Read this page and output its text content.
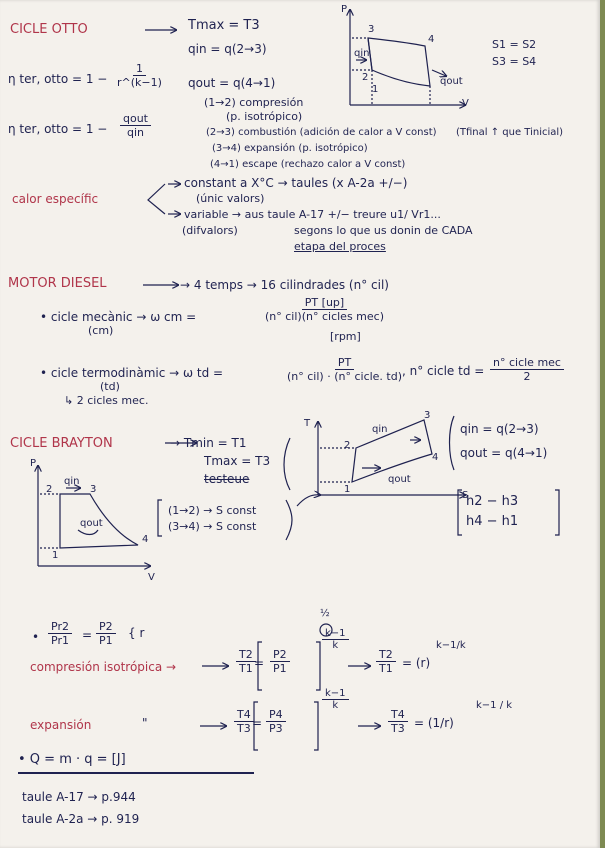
CICLE OTTO	Tmax = T3
qin = q(2→3)
qout = q(4→1)
η ter, otto = $1 - \frac{1}{r\^{}(k-1)}$
η ter, otto = 1 −
qout
qin
(1→2) compresión
(p. isotrópico)
(2→3) combustión (adición de calor a V const)
(3→4) expansión (p. isotrópico)
(4→1) escape (rechazo calor a V const)
(Tfinal ↑ que Tinicial)
S1 = S2
S3 = S4
P
V
1
2
3
4
qin
qout
calor específic
constant a X°C → taules (x A-2a +/−)
(únic valors)
variable → aus taule A-17 +/− treure u1/ Vr1...
(difvalors)	segons lo que us donin de CADA
etapa del proces
MOTOR DIESEL	→ 4 temps → 16 cilindrades (n° cil)
• cicle mecànic → ω cm =
(cm)
PT [up]
(n° cil)(n° cicles mec)
[rpm]
• cicle termodinàmic → ω td =
(td)
PT
(n° cil) · (n° cicle. td) , n° cicle td =
n° cicle mec
2
↳ 2 cicles mec.
CICLE BRAYTON	→ Tmin = T1
Tmax = T3
testeue
(1→2) → S const
(3→4) → S const
qin = q(2→3)
qout = q(4→1)
h2 − h3
h4 − h1
T
S
1
2
3
4
qin
qout
P
V
1
2	3
4
qin
qout
• $\frac{Pr2}{Pr1} = \frac{P2}{P1}$ { r
½
compresión isotrópica →	$\frac{T2}{T1}$
= $\frac{P2}{P1}$
$\frac{k-1}{k}$
$\frac{T2}{T1} = (r)$
k−1/k
expansión	"	$\frac{T4}{T3}$
= $\frac{P4}{P3}$
$\frac{k-1}{k}$
$\frac{T4}{T3} = (1/r)$
k−1 / k
• Q = m · q = [J]
taule A-17 → p.944
taule A-2a → p. 919
